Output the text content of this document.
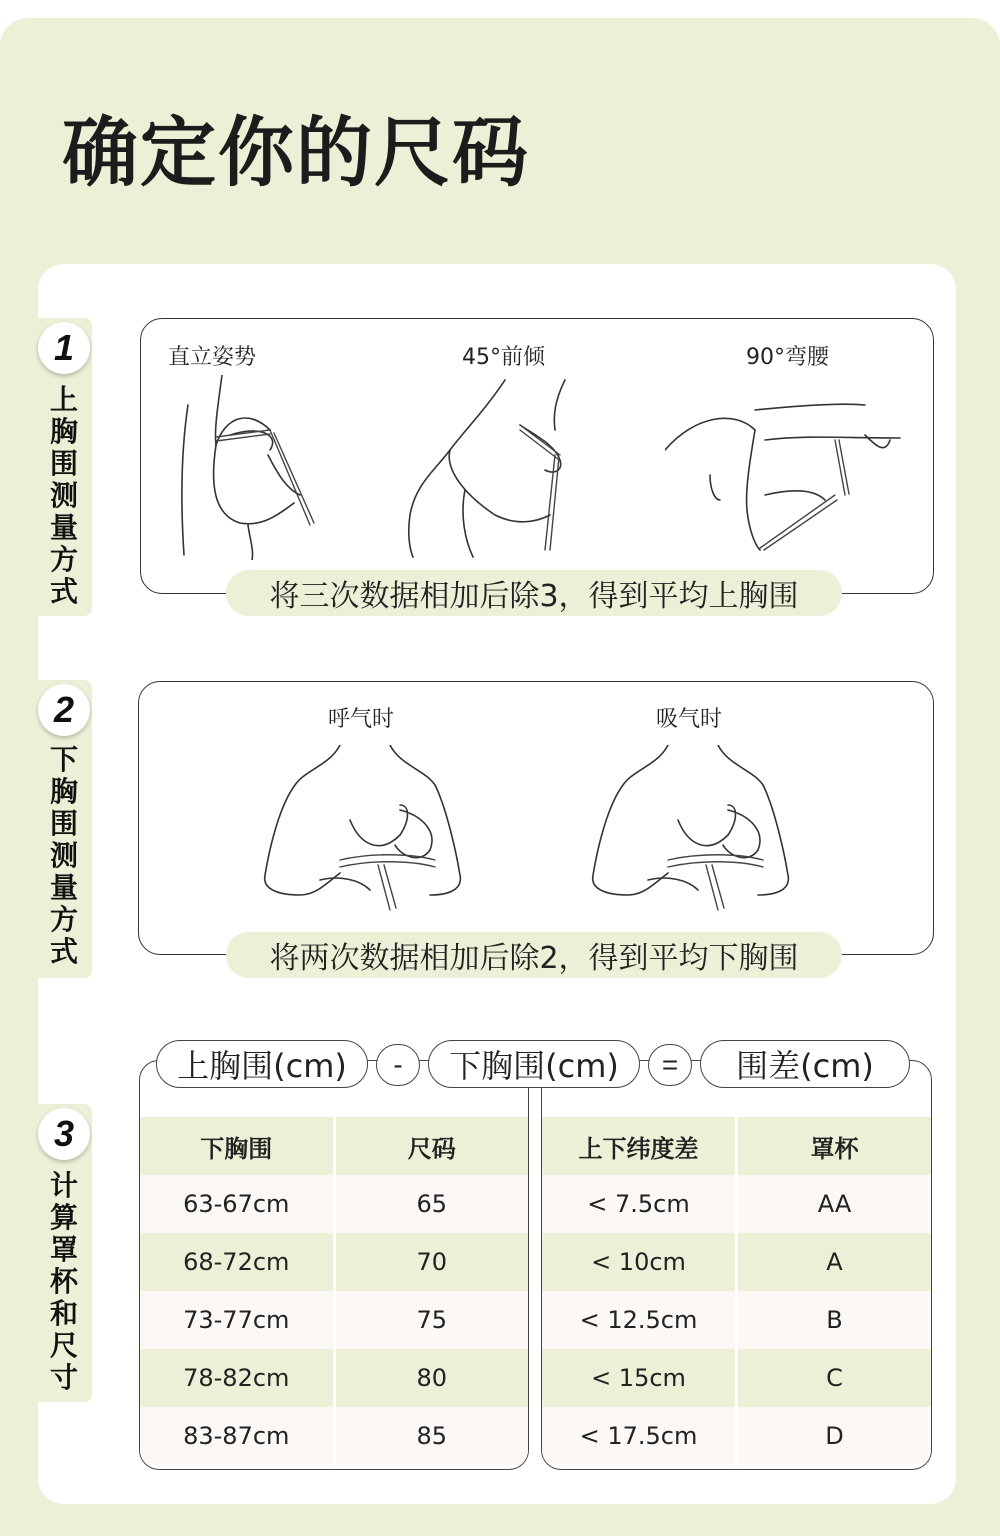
确定你的尺码
1
上胸围测量方式
直立姿势	45°前倾	90°弯腰
将三次数据相加后除3，得到平均上胸围
2
下胸围测量方式
呼气时	吸气时
将两次数据相加后除2，得到平均下胸围
3
计算罩杯和尺寸
下胸围	尺码
63-67cm	65
68-72cm	70
73-77cm	75
78-82cm	80
83-87cm	85
上下纬度差	罩杯
< 7.5cm	AA
< 10cm	A
< 12.5cm	B
< 15cm	C
< 17.5cm	D
上胸围(cm)	-	下胸围(cm)	=	围差(cm)
